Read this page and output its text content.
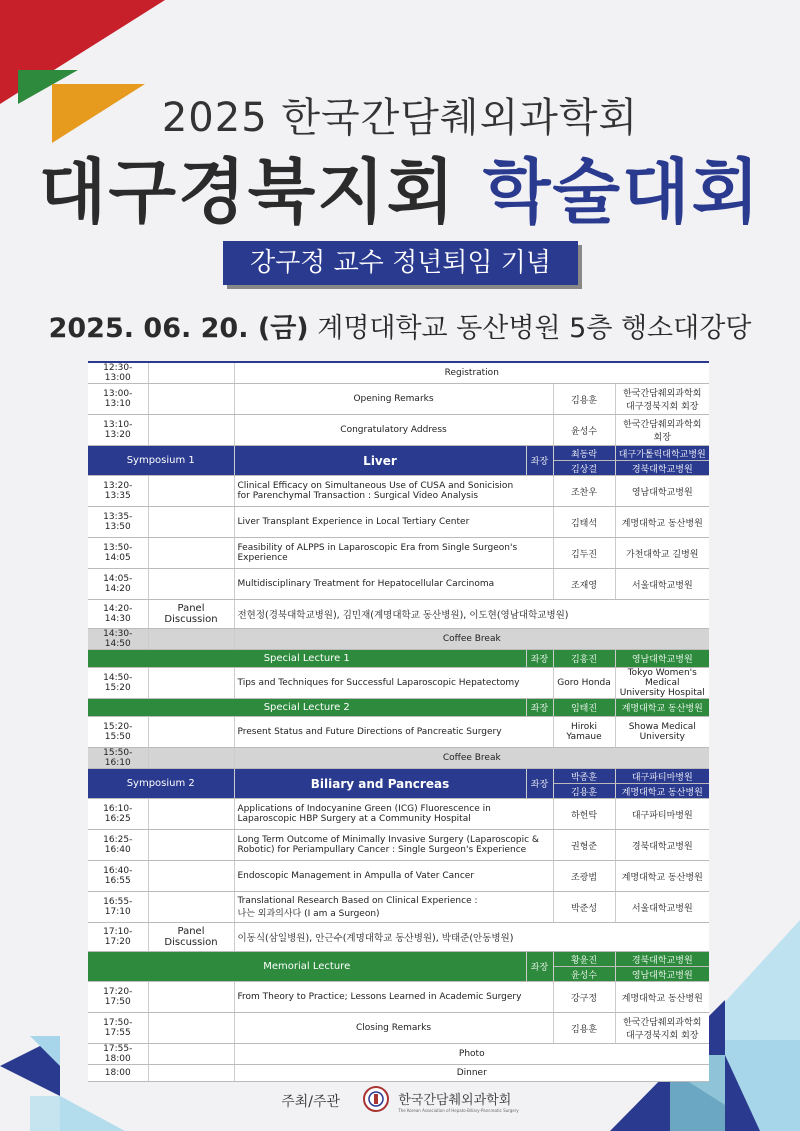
2025 한국간담췌외과학회
대구경북지회 학술대회
강구정 교수 정년퇴임 기념
2025. 06. 20. (금) 계명대학교 동산병원 5층 행소대강당
12:30-13:00		Registration			
13:00-13:10		Opening Remarks		김용훈	한국간담췌외과학회
대구경북지회 회장
13:10-13:20		Congratulatory Address		윤성수	한국간담췌외과학회 회장
Symposium 1		Liver	좌장	최동락	대구가톨릭대학교병원
				김상걸	경북대학교병원
13:20-13:35		Clinical Efficacy on Simultaneous Use of CUSA and Sonicision
for Parenchymal Transaction : Surgical Video Analysis		조찬우	영남대학교병원
13:35-13:50		Liver Transplant Experience in Local Tertiary Center		김태석	계명대학교 동산병원
13:50-14:05		Feasibility of ALPPS in Laparoscopic Era from Single Surgeon's
Experience		김두진	가천대학교 길병원
14:05-14:20		Multidisciplinary Treatment for Hepatocellular Carcinoma		조재영	서울대학교병원
14:20-14:30	Panel Discussion	전현정(경북대학교병원), 김민재(계명대학교 동산병원), 이도현(영남대학교병원)			
14:30-14:50		Coffee Break			
Special Lecture 1			좌장	김홍진	영남대학교병원
14:50-15:20		Tips and Techniques for Successful Laparoscopic Hepatectomy		Goro Honda	Tokyo Women's Medical
University Hospital
Special Lecture 2			좌장	임태진	계명대학교 동산병원
15:20-15:50		Present Status and Future Directions of Pancreatic Surgery		Hiroki Yamaue	Showa Medical University
15:50-16:10		Coffee Break			
Symposium 2		Biliary and Pancreas	좌장	박종훈	대구파티마병원
				김용훈	계명대학교 동산병원
16:10-16:25		Applications of Indocyanine Green (ICG) Fluorescence in
Laparoscopic HBP Surgery at a Community Hospital		하헌탁	대구파티마병원
16:25-16:40		Long Term Outcome of Minimally Invasive Surgery (Laparoscopic &
Robotic) for Periampullary Cancer : Single Surgeon's Experience		권형준	경북대학교병원
16:40-16:55		Endoscopic Management in Ampulla of Vater Cancer		조광범	계명대학교 동산병원
16:55-17:10		Translational Research Based on Clinical Experience :
나는 외과의사다 (I am a Surgeon)		박준성	서울대학교병원
17:10-17:20	Panel Discussion	이동식(삼일병원), 안근수(계명대학교 동산병원), 박태준(안동병원)			
Memorial Lecture			좌장	황윤진	경북대학교병원
				윤성수	영남대학교병원
17:20-17:50		From Theory to Practice; Lessons Learned in Academic Surgery		강구정	계명대학교 동산병원
17:50-17:55		Closing Remarks		김용훈	한국간담췌외과학회
대구경북지회 회장
17:55-18:00		Photo			
18:00		Dinner			
주최/주관	한국간담췌외과학회
The Korean Association of Hepato-Biliary-Pancreatic Surgery
